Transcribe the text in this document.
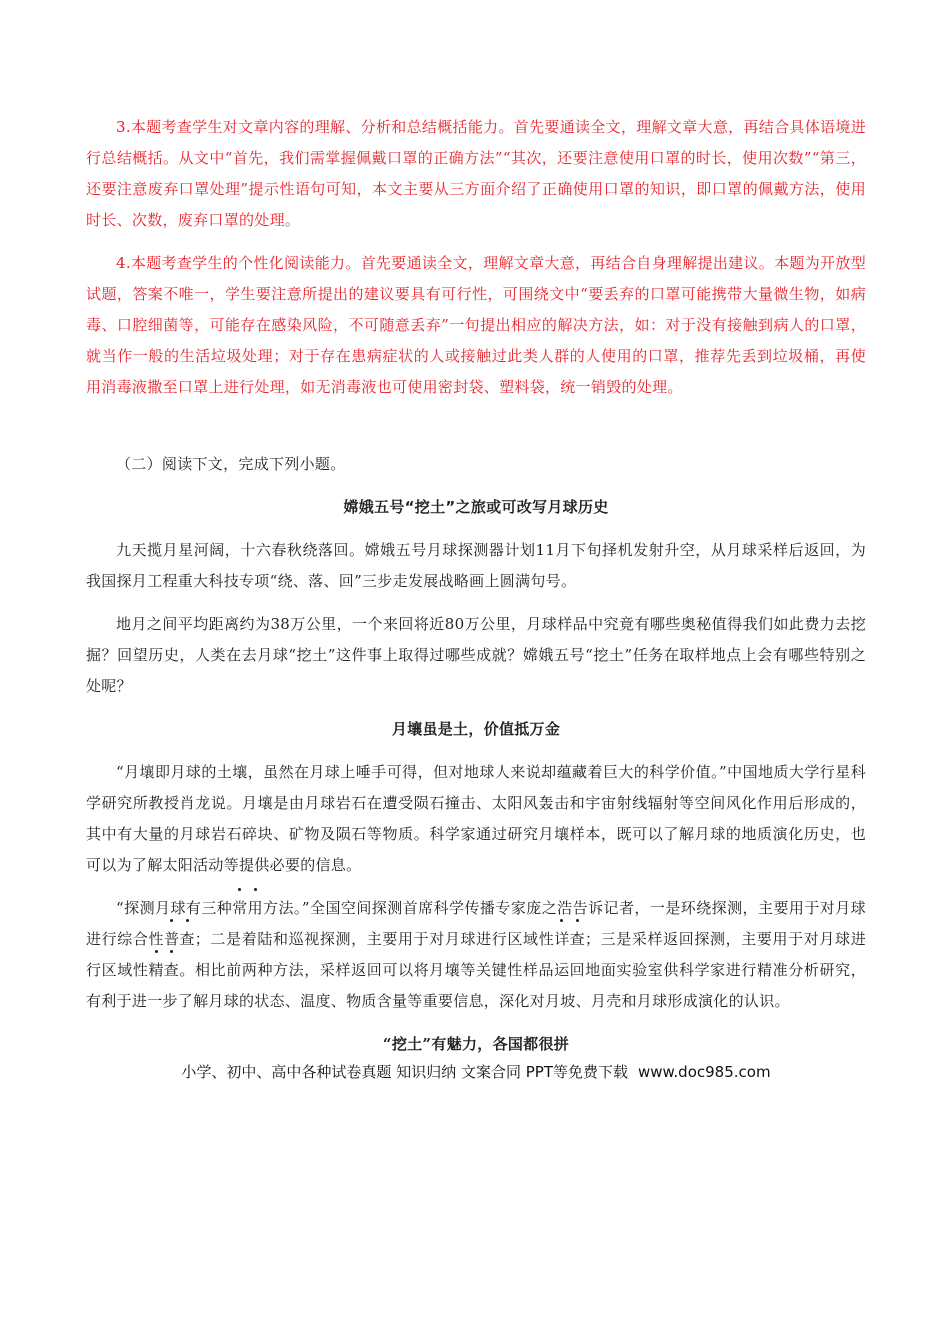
3.本题考查学生对文章内容的理解、分析和总结概括能力。首先要通读全文，理解文章大意，再结合具体语境进行总结概括。从文中“首先，我们需掌握佩戴口罩的正确方法”“其次，还要注意使用口罩的时长，使用次数”“第三，还要注意废弃口罩处理”提示性语句可知，本文主要从三方面介绍了正确使用口罩的知识，即口罩的佩戴方法，使用时长、次数，废弃口罩的处理。

4.本题考查学生的个性化阅读能力。首先要通读全文，理解文章大意，再结合自身理解提出建议。本题为开放型试题，答案不唯一，学生要注意所提出的建议要具有可行性，可围绕文中“要丢弃的口罩可能携带大量微生物，如病毒、口腔细菌等，可能存在感染风险，不可随意丢弃”一句提出相应的解决方法，如：对于没有接触到病人的口罩，就当作一般的生活垃圾处理；对于存在患病症状的人或接触过此类人群的人使用的口罩，推荐先丢到垃圾桶，再使用消毒液撒至口罩上进行处理，如无消毒液也可使用密封袋、塑料袋，统一销毁的处理。

（二）阅读下文，完成下列小题。

嫦娥五号“挖土”之旅或可改写月球历史

九天揽月星河阔，十六春秋绕落回。嫦娥五号月球探测器计划11月下旬择机发射升空，从月球采样后返回，为我国探月工程重大科技专项“绕、落、回”三步走发展战略画上圆满句号。

地月之间平均距离约为38万公里，一个来回将近80万公里，月球样品中究竟有哪些奥秘值得我们如此费力去挖掘？回望历史，人类在去月球“挖土”这件事上取得过哪些成就？嫦娥五号“挖土”任务在取样地点上会有哪些特别之处呢？

月壤虽是土，价值抵万金

“月壤即月球的土壤，虽然在月球上唾手可得，但对地球人来说却蕴藏着巨大的科学价值。”中国地质大学行星科学研究所教授肖龙说。月壤是由月球岩石在遭受陨石撞击、太阳风轰击和宇宙射线辐射等空间风化作用后形成的，其中有大量的月球岩石碎块、矿物及陨石等物质。科学家通过研究月壤样本，既可以了解月球的地质演化历史，也可以为了解太阳活动等提供必要的信息。

“探测月球有三种常用方法。”全国空间探测首席科学传播专家庞之浩告诉记者，一是环绕探测，主要用于对月球进行综合性普查；二是着陆和巡视探测，主要用于对月球进行区域性详查；三是采样返回探测，主要用于对月球进行区域性精查。相比前两种方法，采样返回可以将月壤等关键性样品运回地面实验室供科学家进行精准分析研究，有利于进一步了解月球的状态、温度、物质含量等重要信息，深化对月坡、月壳和月球形成演化的认识。

“挖土”有魅力，各国都很拼

小学、初中、高中各种试卷真题 知识归纳 文案合同 PPT等免费下载 www.doc985.com
